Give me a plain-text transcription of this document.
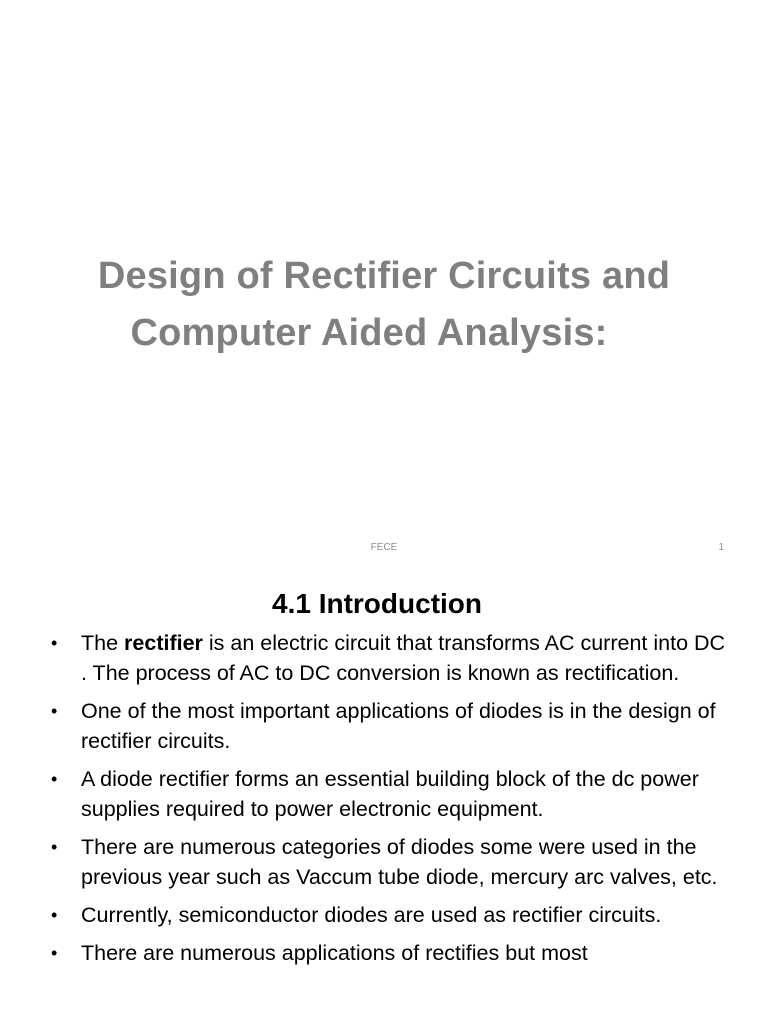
Design of Rectifier Circuits and
Computer Aided Analysis:
FECE	1
4.1 Introduction
• The rectifier is an electric circuit that transforms AC current into DC . The process of AC to DC conversion is known as rectification.
• One of the most important applications of diodes is in the design of rectifier circuits.
• A diode rectifier forms an essential building block of the dc power supplies required to power electronic equipment.
• There are numerous categories of diodes some were used in the previous year such as Vaccum tube diode, mercury arc valves, etc.
• Currently, semiconductor diodes are used as rectifier circuits.
• There are numerous applications of rectifies but most
